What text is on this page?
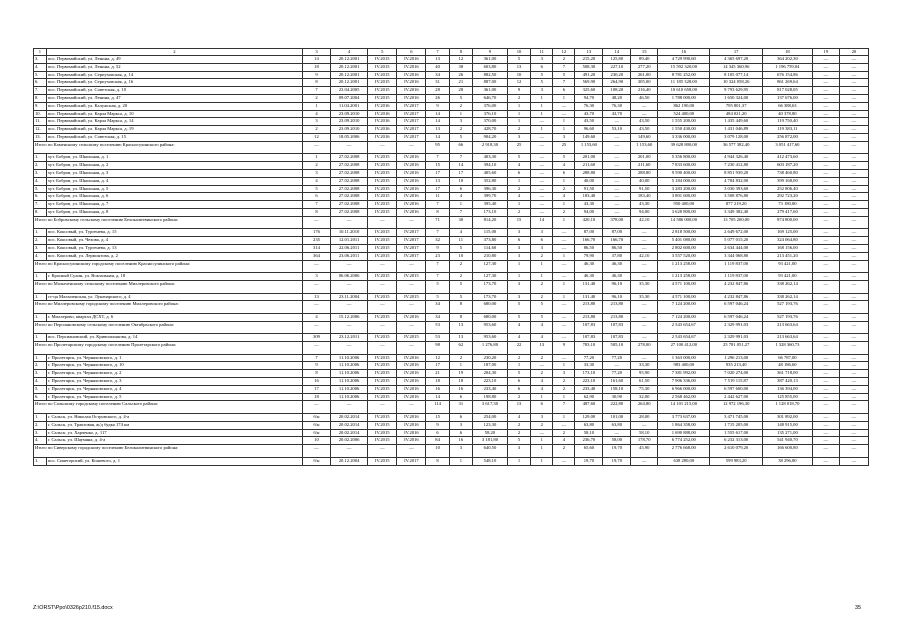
1	2	3	4	5	6	7	8	9	10	11	12	13	14	15	16	17	18	19	20
3.	пос. Первомайский, ул. Ленина, д. 49	14	20.12.2001	IV.2015	IV.2016	13	12	361,00	5	3	2	215,20	125,80	89,40	4 729 990,60	4 365 697,20	364 202,30	—	—
4.	пос. Первомайский, ул. Ленина, д. 52	18	20.12.2001	IV.2015	IV.2016	40	38	603,80	13	6	7	508,30	227,10	277,20	15 592 320,00	14 345 360,96	1 196 759,04	—	—
5.	пос. Первомайский, ул. Серпуховская, д. 14	9	20.12.2001	IV.2015	IV.2016	34	26	882,50	10	5	5	491,20	230,20	261,00	8 781 252,00	8 105 077,14	676 154,86	—	—
6.	пос. Первомайский, ул. Серпуховская, д. 16	8	20.12.2001	IV.2015	IV.2016	31	21	887,00	12	5	7	569,90	264,90	305,00	11 185 328,00	10 324 058,26	861 269,64	—	—
7.	пос. Первомайский, ул. Советская, д. 10	7	23.04.2005	IV.2015	IV.2016	28	28	361,00	9	3	6	325,60	108,20	216,40	10 610 658,00	9 793 629,95	817 028,05	—	—
8.	пос. Первомайский, ул. Ленина, д. 47	2	09.07.2004	IV.2015	IV.2016	26	5	646,70	2	1	1	94,70	48,20	46,50	1 788 000,00	1 650 324,00	137 676,00	—	—
9.	пос. Первомайский, ул. Калужская, д. 20	1	11.04.2001	IV.2016	IV.2017	9	2	376,00	1	1	—	76,30	76,30	—	862 190,00	795 801,37	66 388,63	—	—
10.	пос. Первомайский, ул. Карла Маркса, д. 10	4	23.09.2010	IV.2016	IV.2017	14	1	376,10	1	1	—	43,70	43,70	—	524 400,00	484 021,20	40 378,80	—	—
11.	пос. Первомайский, ул. Карла Маркса, д. 14	3	23.09.2010	IV.2016	IV.2017	14	3	370,00	1	—	1	43,50	—	43,50	1 555 200,00	1 435 449,60	119 750,40	—	—
12.	пос. Первомайский, ул. Карла Маркса, д. 19	2	23.09.2010	IV.2016	IV.2017	13	2	428,70	2	1	1	96,60	53,10	43,50	1 550 430,00	1 431 046,89	119 383,11	—	—
13.	пос. Первомайский, ул. Советская, д. 15	12	18.05.2006	IV.2016	IV.2017	14	5	904,20	3	—	3	149,60	—	149,60	3 336 000,00	3 079 128,00	256 872,00	—	—
Итого по Каменскому сельскому поселению Красносулинского района:		—	—	—	—	95	66	2 918,30	25	—	25	1 153,60	—	1 153,60	39 628 800,00	36 577 382,40	3 051 417,60	—	—
1.	хут. Бобров, ул. Школьная, д. 1	1	27.02.2008	IV.2015	IV.2016	7	7	403,30	5	—	5	201,00	—	201,00	5 356 800,00	4 944 326,40	412 473,60	—	—
2.	хут. Бобров, ул. Школьная, д. 2	2	27.02.2008	IV.2015	IV.2016	15	14	394,10	4	—	4	211,60	—	211,60	7 833 600,00	7 230 412,80	603 187,20	—	—
3.	хут. Бобров, ул. Школьная, д. 3	3	27.02.2008	IV.2015	IV.2016	17	17	405,60	6	—	6	288,80	—	288,80	9 590 400,00	8 851 939,20	738 460,80	—	—
4.	хут. Бобров, ул. Школьная, д. 4	4	27.02.2008	IV.2015	IV.2016	13	10	352,80	1	—	1	40,00	—	40,00	5 184 000,00	4 784 832,00	399 168,00	—	—
5.	хут. Бобров, ул. Школьная, д. 5	5	27.02.2008	IV.2015	IV.2016	17	6	396,30	2	—	2	91,50	—	91,50	3 283 200,00	3 030 393,60	252 806,40	—	—
6.	хут. Бобров, ул. Школьная, д. 6	6	27.02.2008	IV.2015	IV.2016	11	4	399,70	4	—	4	183,40	—	183,40	3 801 600,00	3 508 876,80	292 723,20	—	—
7.	хут. Бобров, ул. Школьная, д. 7	7	27.02.2008	IV.2015	IV.2016	7	1	395,40	1	—	1	43,30	—	43,30	950 400,00	877 219,20	73 180,80	—	—
8.	хут. Бобров, ул. Школьная, д. 8	8	27.02.2008	IV.2015	IV.2016	8	7	173,10	2	—	2	94,00	—	94,00	3 628 800,00	3 349 382,40	279 417,60	—	—
Итого по Бобровскому сельскому поселению Белокалитвинского района:		—	—	—	—	71	30	814,20	15	14	1	420,10	378,00	42,10	14 586 000,00	13 705 200,00	874 800,00	—	—
1.	пос. Коксовый, ул. Тургенева, д. 15	176	10.11.2010	IV.2015	IV.2017	7	4	115,00	3	3	—	87,00	87,00	—	2 818 500,00	2 649 672,00	169 125,00	—	—
2.	пос. Коксовый, ул. Чехова, д. 4	235	12.01.2011	IV.2015	IV.2017	32	11	373,80	6	6	—	166,70	166,70	—	5 401 080,00	5 077 015,20	324 064,80	—	—
3.	пос. Коксовый, ул. Тургенева, д. 13	314	22.06.2011	IV.2015	IV.2017	9	5	114,60	3	3	—	86,50	86,50	—	2 802 600,00	2 634 444,00	168 156,00	—	—
4.	пос. Коксовый, ул. Лермонтова, д. 2	364	23.06.2011	IV.2015	IV.2017	23	10	210,80	3	2	1	79,90	37,80	42,10	3 557 520,00	3 344 068,80	213 451,20	—	—
Итого по Красносулинскому городскому поселению Красносулинского района:		—	—	—	—	7	2	127,30	1	1	—	46,30	46,30	—	1 213 258,00	1 119 837,00	93 421,00	—	—
1.	г. Красный Сулин, ул. Вокзальная, д. 18	3	06.06.2006	IV.2015	IV.2015	7	2	127,30	1	1	—	46,30	46,30	—	1 213 258,00	1 119 837,00	93 421,00	—	—
Итого по Малыченскому сельскому поселению Миллеровского района:		—	—	—	—	5	5	173,70	3	2	1	131,40	96,10	35,30	4 571 100,00	4 232 847,86	338 262,14	—	—
1.	ст-ца Малыченская, ул. Луначарского, д. 4	13	23.11.2004	IV.2015	IV.2015	5	5	173,70	3	2	1	131,40	96,10	35,30	4 571 100,00	4 232 847,86	338 262,14	—	—
Итого по Миллеровскому городскому поселению Миллеровского района:		—	—	—	—	34	8	680,00	5	5	—	213,80	213,80	—	7 124 200,00	6 597 046,24	527 193,76	—	—
1.	г. Миллерово, квартал ДСХТ, д. 6	4	15.12.2006	IV.2015	IV.2016	34	8	680,00	5	5	—	213,80	213,80	—	7 124 200,00	6 597 046,24	527 193,76	—	—
Итого по Персиановскому сельскому поселению Октябрьского района:		—	—	—	—	53	13	953,60	4	4	—	107,83	107,83	—	2 543 654,67	2 329 991,03	213 663,64	—	—
1.	пос. Персиановский, ул. Кривошлыкова, д. 14	309	23.12.2011	IV.2015	IV.2015	53	13	953,60	4	4	—	107,83	107,83	—	2 543 654,67	2 329 991,03	213 663,64	—	—
Итого по Пролетарскому городскому поселению Пролетарского района:		—	—	—	—	98	62	1 276,80	22	13	9	783,10	505,10	278,00	27 100 412,00	25 781 051,27	1 328 360,73	—	—
1.	г. Пролетарск, ул. Черняховского, д. 1	7	11.10.2006	IV.2015	IV.2016	12	2	230,20	2	2	—	77,20	77,20	—	1 363 000,00	1 296 213,00	66 787,00	—	—
2.	г. Пролетарск, ул. Черняховского, д. 10	9	11.10.2006	IV.2015	IV.2016	17	1	187,00	1	—	1	33,30	—	33,30	983 400,00	935 213,40	48 186,60	—	—
3.	г. Пролетарск, ул. Черняховского, д. 2	8	11.10.2006	IV.2015	IV.2016	21	19	204,30	5	2	3	173,10	77,20	95,90	7 381 992,00	7 020 274,00	361 718,00	—	—
4.	г. Пролетарск, ул. Черняховского, д. 3	16	11.10.2006	IV.2015	IV.2016	18	18	223,10	6	4	2	223,10	161,60	61,50	7 906 336,00	7 519 115,87	387 420,13	—	—
5.	г. Пролетарск, ул. Черняховского, д. 4	17	11.10.2006	IV.2015	IV.2016	16	16	233,40	6	4	2	233,40	158,10	75,30	6 966 000,00	6 597 600,00	136 394,00	—	—
6.	г. Пролетарск, ул. Черняховского, д. 5	18	11.10.2006	IV.2015	IV.2016	14	6	198,80	2	1	1	62,90	30,90	32,00	2 568 462,00	2 442 627,00	125 855,00	—	—
Итого по Сальскому городскому поселению Сальского района:		—	—	—	—	114	31	3 617,30	13	6	7	487,60	222,80	264,80	14 101 215,00	12 972 196,30	1 128 018,70	—	—
1.	г. Сальск, ул. Николая Островского, д. 4-а	б/н	20.02.2014	IV.2015	IV.2016	15	6	254,00	4	3	1	129,00	101,00	28,00	3 773 637,00	3 471 745,00	301 892,00	—	—
2.	г. Сальск, ул. Трактовая, ж/д будка 174 км	б/н	20.02.2014	IV.2015	IV.2016	9	3	123,30	2	2	—	63,80	63,80	—	1 864 358,00	1 715 205,00	148 915,00	—	—
3.	г. Сальск, ул. Харченко, д. 117	б/н	20.02.2014	IV.2015	IV.2016	6	6	58,20	2	—	2	58,10	—	58,10	1 690 888,00	1 555 617,00	135 271,00	—	—
4.	г. Сальск, ул. Шаумяна, д. 4-а	10	20.02.2006	IV.2015	IV.2016	84	16	3 181,80	5	1	4	236,70	58,00	178,70	6 774 252,00	6 232 313,00	541 940,70	—	—
Итого по Сиверскому городскому поселению Белокалитвинского района:		—	—	—	—	10	3	640,50	3	1	2	65,60	19,70	45,90	2 776 668,00	2 610 079,20	166 600,80	—	—
1.	пос. Синегорский, ул. Кошевого, д. 1	б/н	20.12.2004	IV.2015	IV.2017	8	1	548,10	1	1	—	19,70	19,70	—	638 280,00	599 983,20	38 296,80	—	—
Z:\ORST\Ppo\0326p210.f15.docx	35
